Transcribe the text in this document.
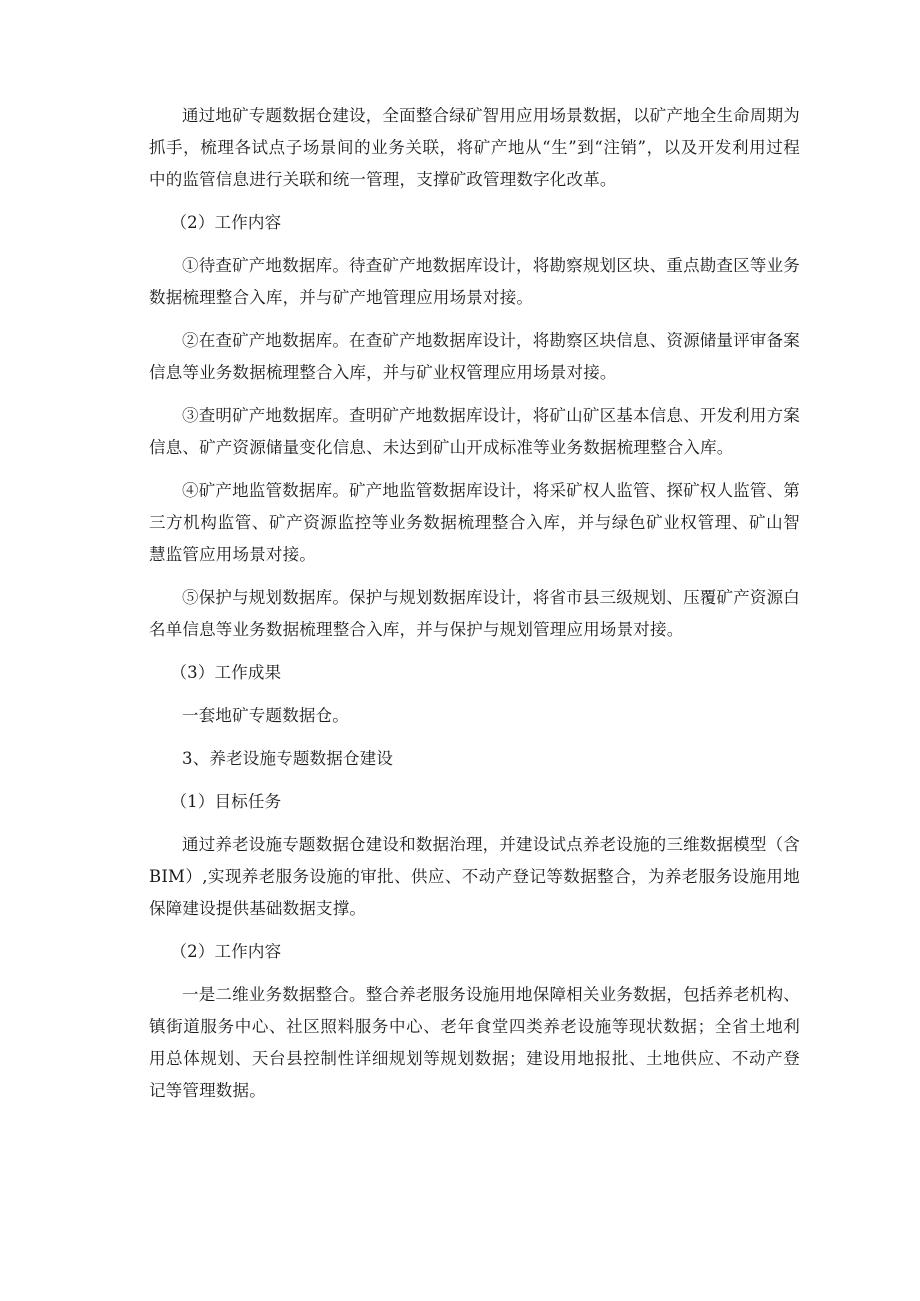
通过地矿专题数据仓建设，全面整合绿矿智用应用场景数据，以矿产地全生命周期为抓手，梳理各试点子场景间的业务关联，将矿产地从“生”到“注销”，以及开发利用过程中的监管信息进行关联和统一管理，支撑矿政管理数字化改革。

（2）工作内容

①待查矿产地数据库。待查矿产地数据库设计，将勘察规划区块、重点勘查区等业务数据梳理整合入库，并与矿产地管理应用场景对接。

②在查矿产地数据库。在查矿产地数据库设计，将勘察区块信息、资源储量评审备案信息等业务数据梳理整合入库，并与矿业权管理应用场景对接。

③查明矿产地数据库。查明矿产地数据库设计，将矿山矿区基本信息、开发利用方案信息、矿产资源储量变化信息、未达到矿山开成标准等业务数据梳理整合入库。

④矿产地监管数据库。矿产地监管数据库设计，将采矿权人监管、探矿权人监管、第三方机构监管、矿产资源监控等业务数据梳理整合入库，并与绿色矿业权管理、矿山智慧监管应用场景对接。

⑤保护与规划数据库。保护与规划数据库设计，将省市县三级规划、压覆矿产资源白名单信息等业务数据梳理整合入库，并与保护与规划管理应用场景对接。

（3）工作成果

一套地矿专题数据仓。

3、养老设施专题数据仓建设

（1）目标任务

通过养老设施专题数据仓建设和数据治理，并建设试点养老设施的三维数据模型（含BIM）,实现养老服务设施的审批、供应、不动产登记等数据整合，为养老服务设施用地保障建设提供基础数据支撑。

（2）工作内容

一是二维业务数据整合。整合养老服务设施用地保障相关业务数据，包括养老机构、镇街道服务中心、社区照料服务中心、老年食堂四类养老设施等现状数据；全省土地利用总体规划、天台县控制性详细规划等规划数据；建设用地报批、土地供应、不动产登记等管理数据。
